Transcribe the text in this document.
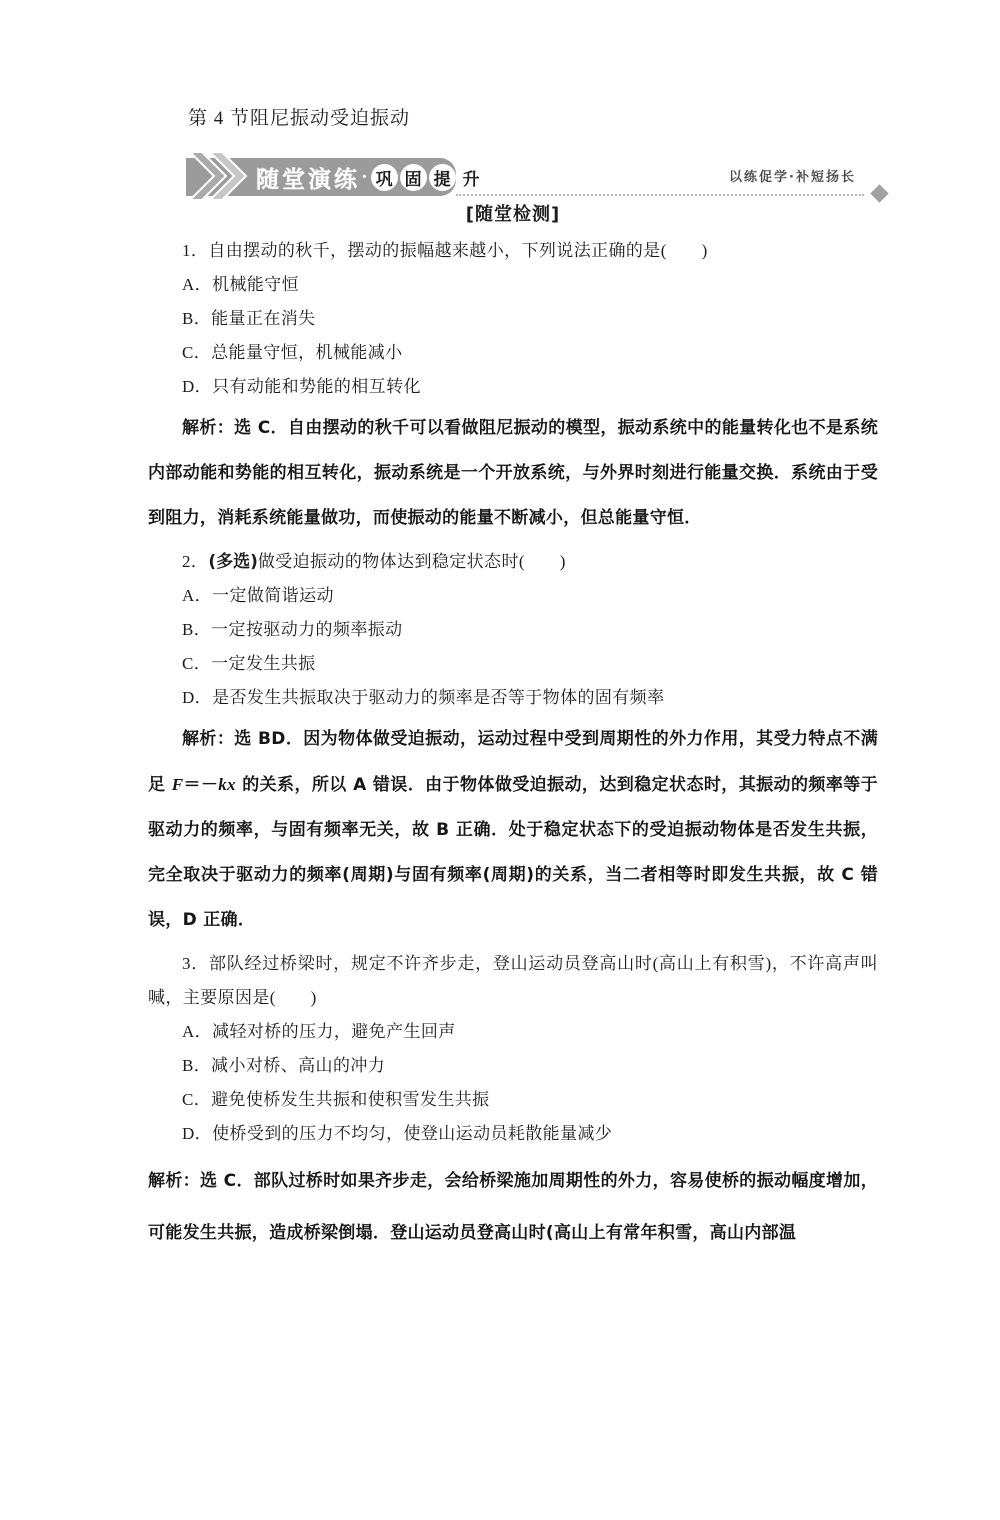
第 4 节阻尼振动受迫振动
随堂演练 · 巩 固 提 升	以练促学·补短扬长
[随堂检测]

1．自由摆动的秋千，摆动的振幅越来越小，下列说法正确的是(　　)

A．机械能守恒

B．能量正在消失

C．总能量守恒，机械能减小

D．只有动能和势能的相互转化

解析：选 C．自由摆动的秋千可以看做阻尼振动的模型，振动系统中的能量转化也不是系统内部动能和势能的相互转化，振动系统是一个开放系统，与外界时刻进行能量交换．系统由于受到阻力，消耗系统能量做功，而使振动的能量不断减小，但总能量守恒．

2．(多选)做受迫振动的物体达到稳定状态时(　　)

A．一定做简谐运动

B．一定按驱动力的频率振动

C．一定发生共振

D．是否发生共振取决于驱动力的频率是否等于物体的固有频率

解析：选 BD．因为物体做受迫振动，运动过程中受到周期性的外力作用，其受力特点不满足 F＝－kx 的关系，所以 A 错误．由于物体做受迫振动，达到稳定状态时，其振动的频率等于驱动力的频率，与固有频率无关，故 B 正确．处于稳定状态下的受迫振动物体是否发生共振，完全取决于驱动力的频率(周期)与固有频率(周期)的关系，当二者相等时即发生共振，故 C 错误，D 正确．

3．部队经过桥梁时，规定不许齐步走，登山运动员登高山时(高山上有积雪)，不许高声叫喊，主要原因是(　　)

A．减轻对桥的压力，避免产生回声

B．减小对桥、高山的冲力

C．避免使桥发生共振和使积雪发生共振

D．使桥受到的压力不均匀，使登山运动员耗散能量减少

解析：选 C．部队过桥时如果齐步走，会给桥梁施加周期性的外力，容易使桥的振动幅度增加，可能发生共振，造成桥梁倒塌．登山运动员登高山时(高山上有常年积雪，高山内部温
